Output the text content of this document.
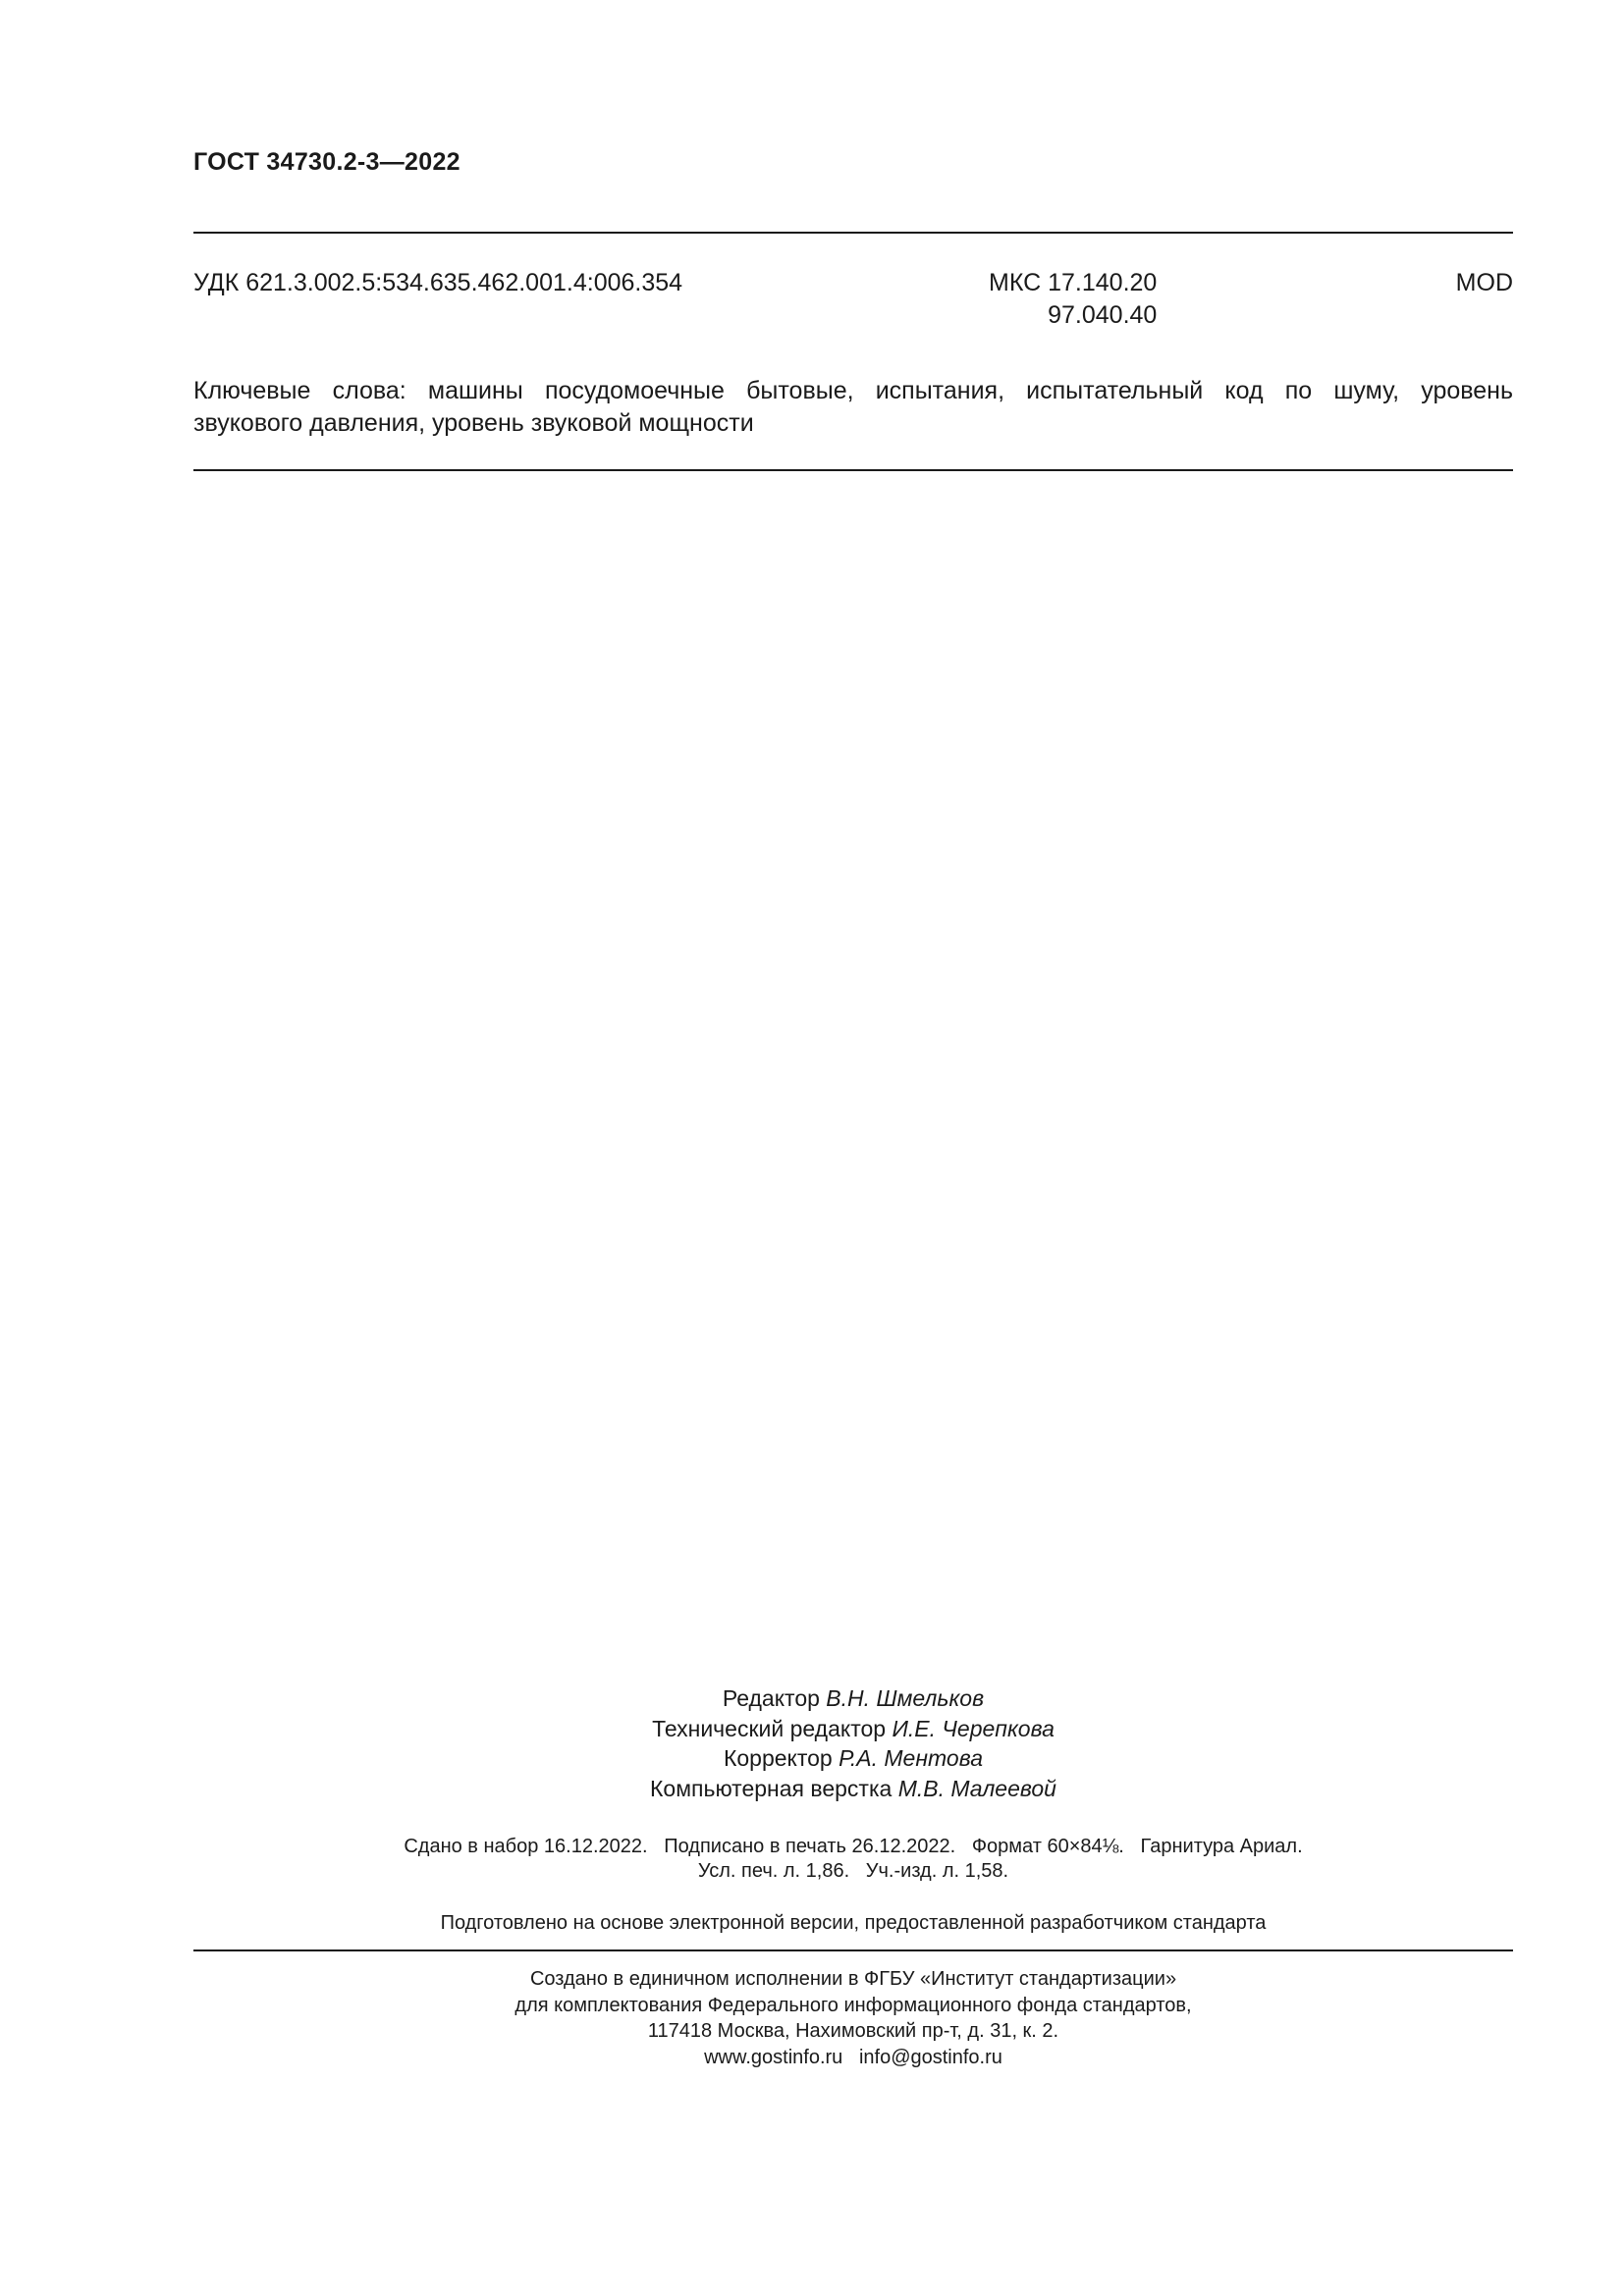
ГОСТ 34730.2-3—2022
УДК 621.3.002.5:534.635.462.001.4:006.354	МКС 17.140.20
97.040.40
MOD
Ключевые слова: машины посудомоечные бытовые, испытания, испытательный код по шуму, уровень
звукового давления, уровень звуковой мощности
Редактор В.Н. Шмельков
Технический редактор И.Е. Черепкова
Корректор Р.А. Ментова
Компьютерная верстка М.В. Малеевой
Сдано в набор 16.12.2022.   Подписано в печать 26.12.2022.   Формат 60×84⅛.   Гарнитура Ариал.
Усл. печ. л. 1,86.   Уч.-изд. л. 1,58.
Подготовлено на основе электронной версии, предоставленной разработчиком стандарта
Создано в единичном исполнении в ФГБУ «Институт стандартизации»
для комплектования Федерального информационного фонда стандартов,
117418 Москва, Нахимовский пр-т, д. 31, к. 2.
www.gostinfo.ru   info@gostinfo.ru
